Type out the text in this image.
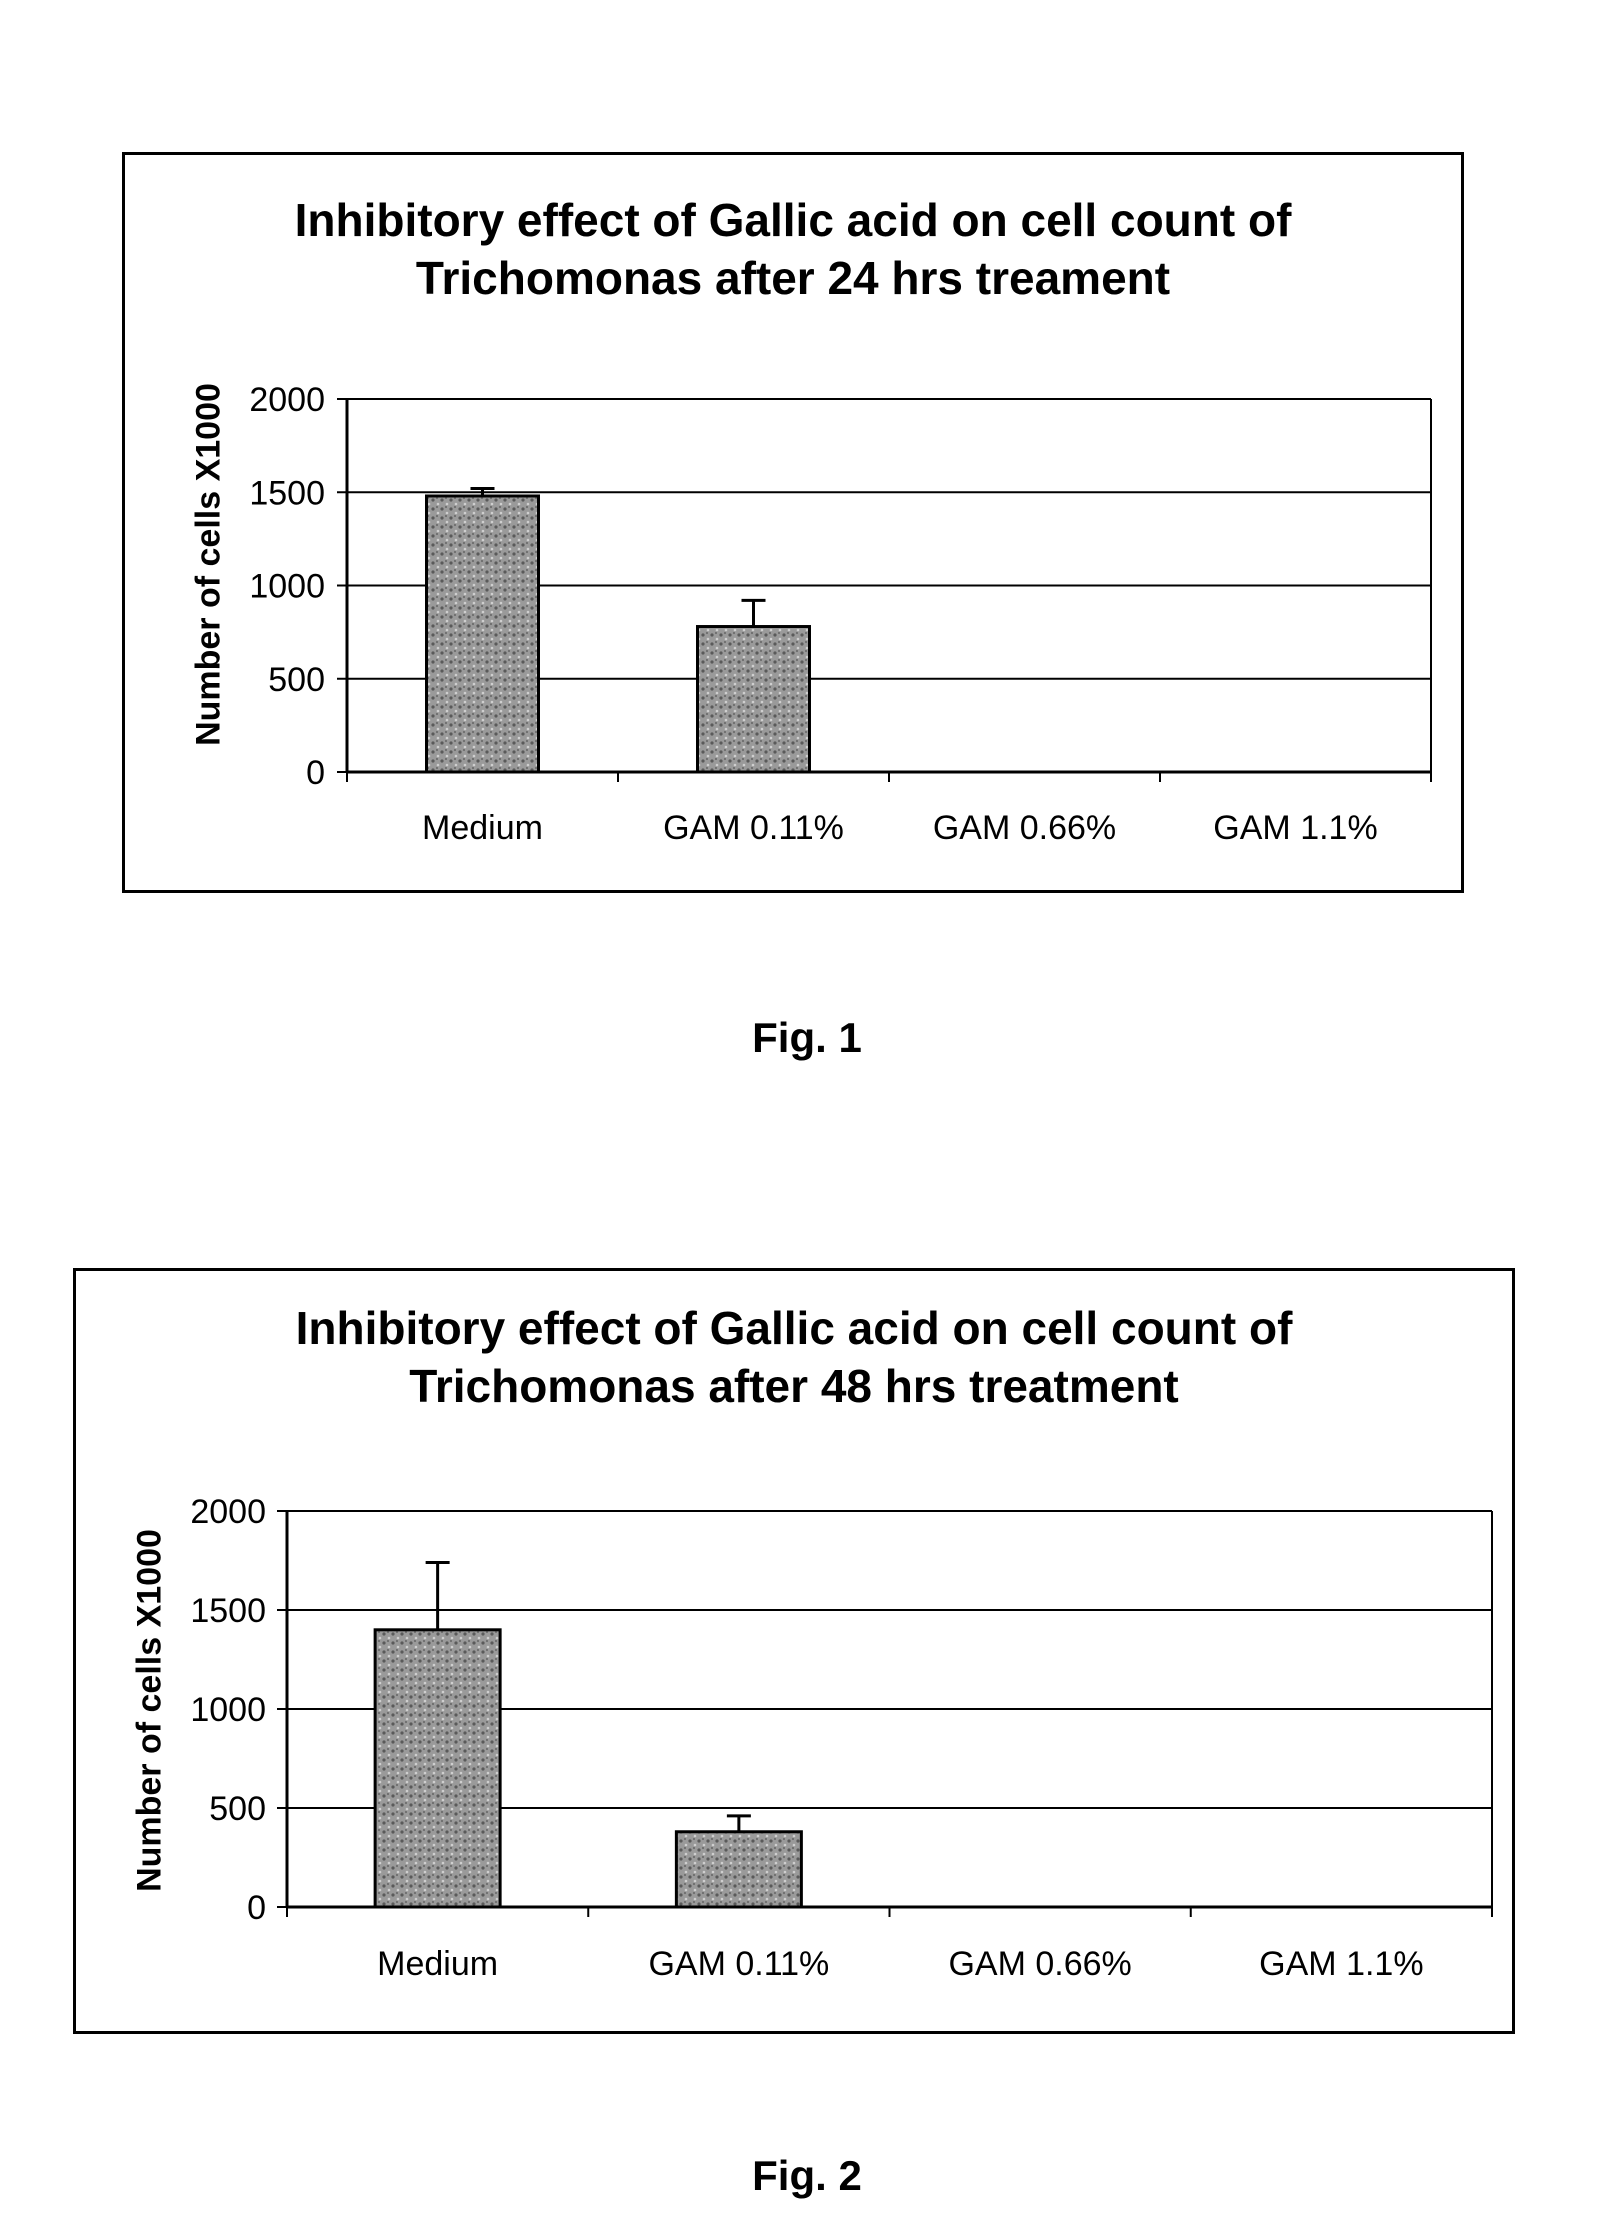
Inhibitory effect of Gallic acid on cell count of
Trichomonas after 24 hrs treament
Number of cells X1000
0
500
1000
1500
2000
Medium	GAM 0.11%	GAM 0.66%	GAM 1.1%
Fig. 1
Inhibitory effect of Gallic acid on cell count of
Trichomonas after 48 hrs treatment
Number of cells X1000
0
500
1000
1500
2000
Medium	GAM 0.11%	GAM 0.66%	GAM 1.1%
Fig. 2
